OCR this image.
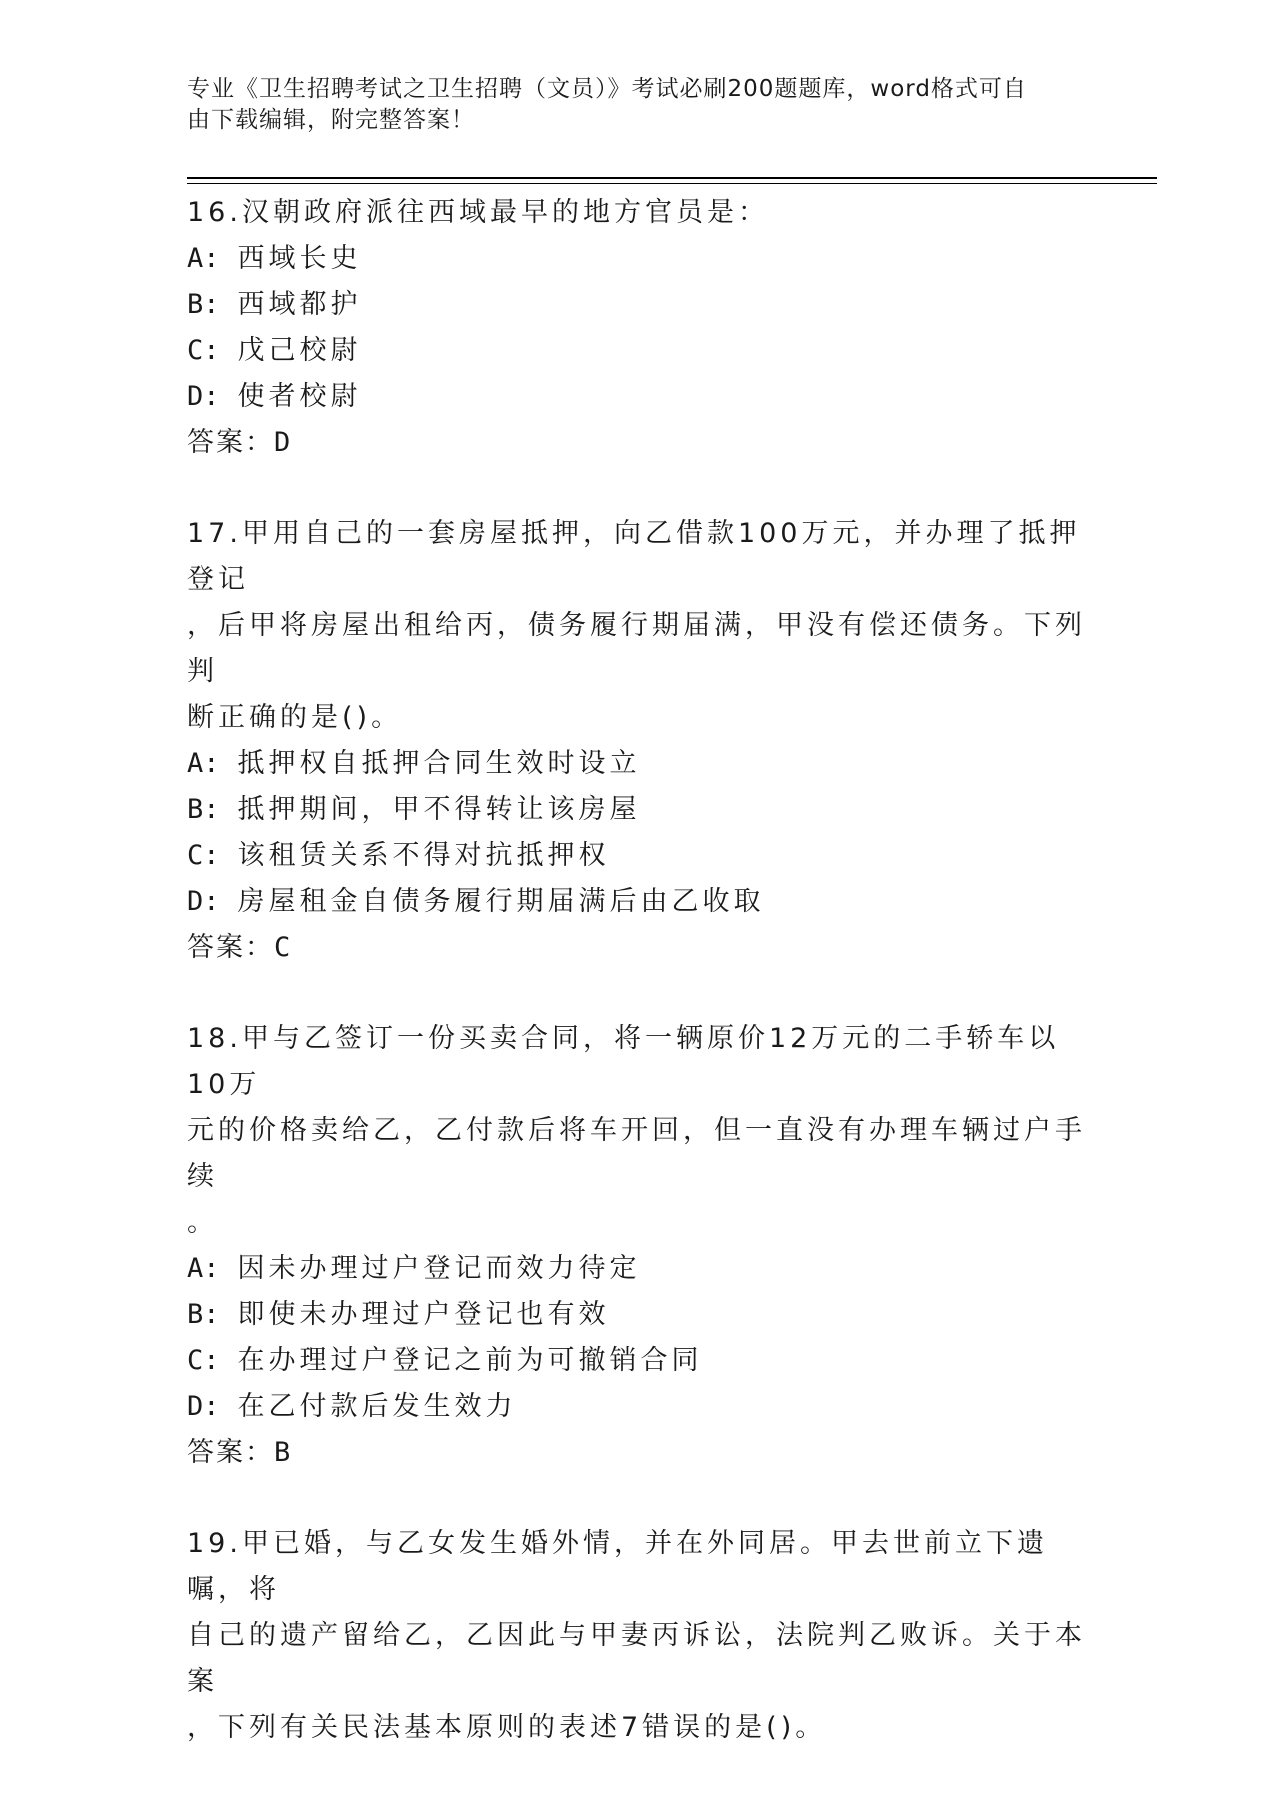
专业《卫生招聘考试之卫生招聘（文员）》考试必刷200题题库，word格式可自
由下载编辑，附完整答案！
16.汉朝政府派往西域最早的地方官员是：
A: 西域长史
B: 西域都护
C: 戊己校尉
D: 使者校尉
答案：D
17.甲用自己的一套房屋抵押，向乙借款100万元，并办理了抵押登记
，后甲将房屋出租给丙，债务履行期届满，甲没有偿还债务。下列判
断正确的是()。
A: 抵押权自抵押合同生效时设立
B: 抵押期间，甲不得转让该房屋
C: 该租赁关系不得对抗抵押权
D: 房屋租金自债务履行期届满后由乙收取
答案：C
18.甲与乙签订一份买卖合同，将一辆原价12万元的二手轿车以10万
元的价格卖给乙，乙付款后将车开回，但一直没有办理车辆过户手续
。
A: 因未办理过户登记而效力待定
B: 即使未办理过户登记也有效
C: 在办理过户登记之前为可撤销合同
D: 在乙付款后发生效力
答案：B
19.甲已婚，与乙女发生婚外情，并在外同居。甲去世前立下遗嘱，将
自己的遗产留给乙，乙因此与甲妻丙诉讼，法院判乙败诉。关于本案
，下列有关民法基本原则的表述7错误的是()。
